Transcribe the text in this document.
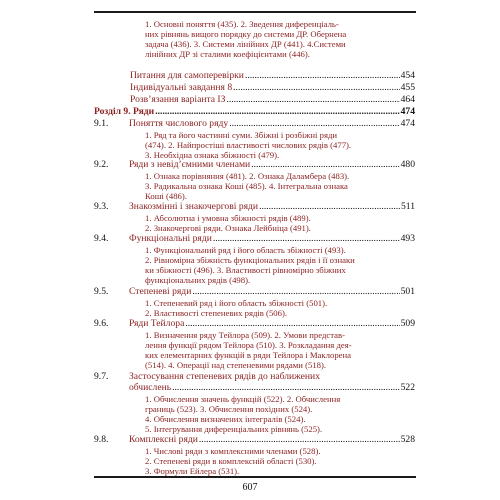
1. Основні поняття (435). 2. Зведення диференціаль-
них рівнянь вищого порядку до системи ДР. Обернена
задача (436). 3. Системи лінійних ДР (441). 4.Системи
лінійних ДР зі сталими коефіцієнтами (446).
Питання для самоперевірки .....	454
Індивідуальні завдання 8 .....	455
Розв’язання варіанта ІЗ .....	464
Розділ 9. Ряди .....	474
9.1.	Поняття числового ряду .....	474
1. Ряд та його частинні суми. Збіжні і розбіжні ряди
(474). 2. Найпростіші властивості числових рядів (477).
3. Необхідна ознака збіжності (479).
9.2.	Ряди з невід’ємними членами .....	480
1. Ознака порівняння (481). 2. Ознака Даламбера (483).
3. Радикальна ознака Коші (485). 4. Інтегральна ознака
Коші (486).
9.3.	Знакозмінні і знакочергові ряди .....	511
1. Абсолютна і умовна збіжності рядів (489).
2. Знакочергові ряди. Ознака Лейбніца (491).
9.4.	Функціональні ряди .....	493
1. Функціональний ряд і його область збіжності (493).
2. Рівномірна збіжність функціональних рядів і її ознаки
ки збіжності (496). 3. Властивості рівномірно збіжних
функціональних рядів (498).
9.5.	Степеневі ряди .....	501
1. Степеневий ряд і його область збіжності (501).
2. Властивості степеневих рядів (506).
9.6.	Ряди Тейлора .....	509
1. Визначення ряду Тейлора (509). 2. Умови представ-
лення функції рядом Тейлора (510). 3. Розкладання дея-
ких елементарних функцій в ряди Тейлора і Маклорена
(514). 4. Операції над степеневими рядами (518).
9.7.	Застосування степеневих рядів до наближених
обчислень .....	522
1. Обчислення значень функцій (522). 2. Обчислення
границь (523). 3. Обчислення похідних (524).
4. Обчислення визначених інтегралів (524).
5. Інтегрування диференціальних рівнянь (525).
9.8.	Комплексні ряди .....	528
1. Числові ряди з комплексними членами (528).
2. Степеневі ряди в комплексній області (530).
3. Формули Ейлера (531).
607
